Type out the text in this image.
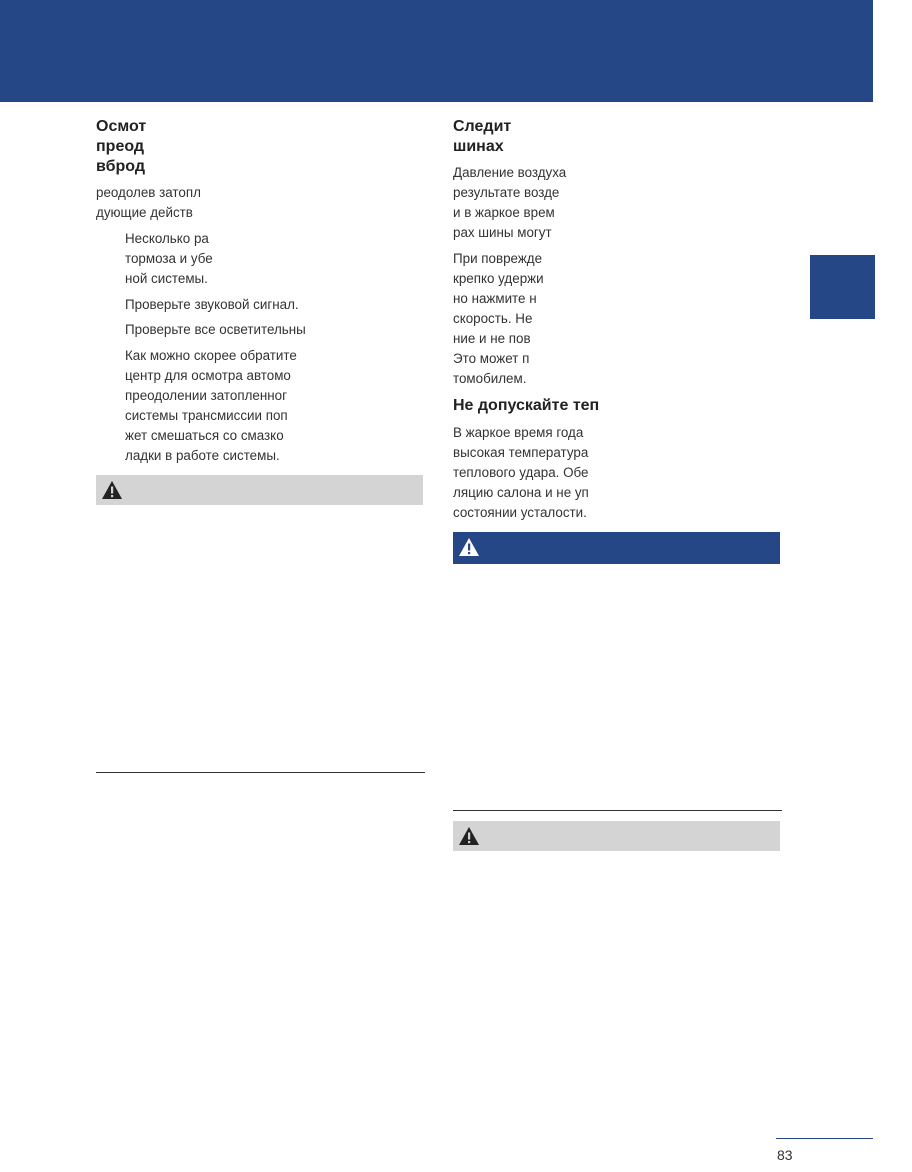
Осмот
преод
вброд

реодолев затопл
дующие действ

Несколько ра
тормоза и убе
ной системы.

Проверьте звуковой сигнал.

Проверьте все осветительны

Как можно скорее обратите
центр для осмотра автомо
преодолении затопленног
системы трансмиссии поп
жет смешаться со смазко
ладки в работе системы.

Следит
шинах

Давление воздуха
результате возде
и в жаркое врем
рах шины могут

При поврежде
крепко удержи
но нажмите н
скорость. Не
ние и не пов
Это может п
томобилем.

Не допускайте теп

В жаркое время года
высокая температура
теплового удара. Обе
ляцию салона и не уп
состоянии усталости.

83
